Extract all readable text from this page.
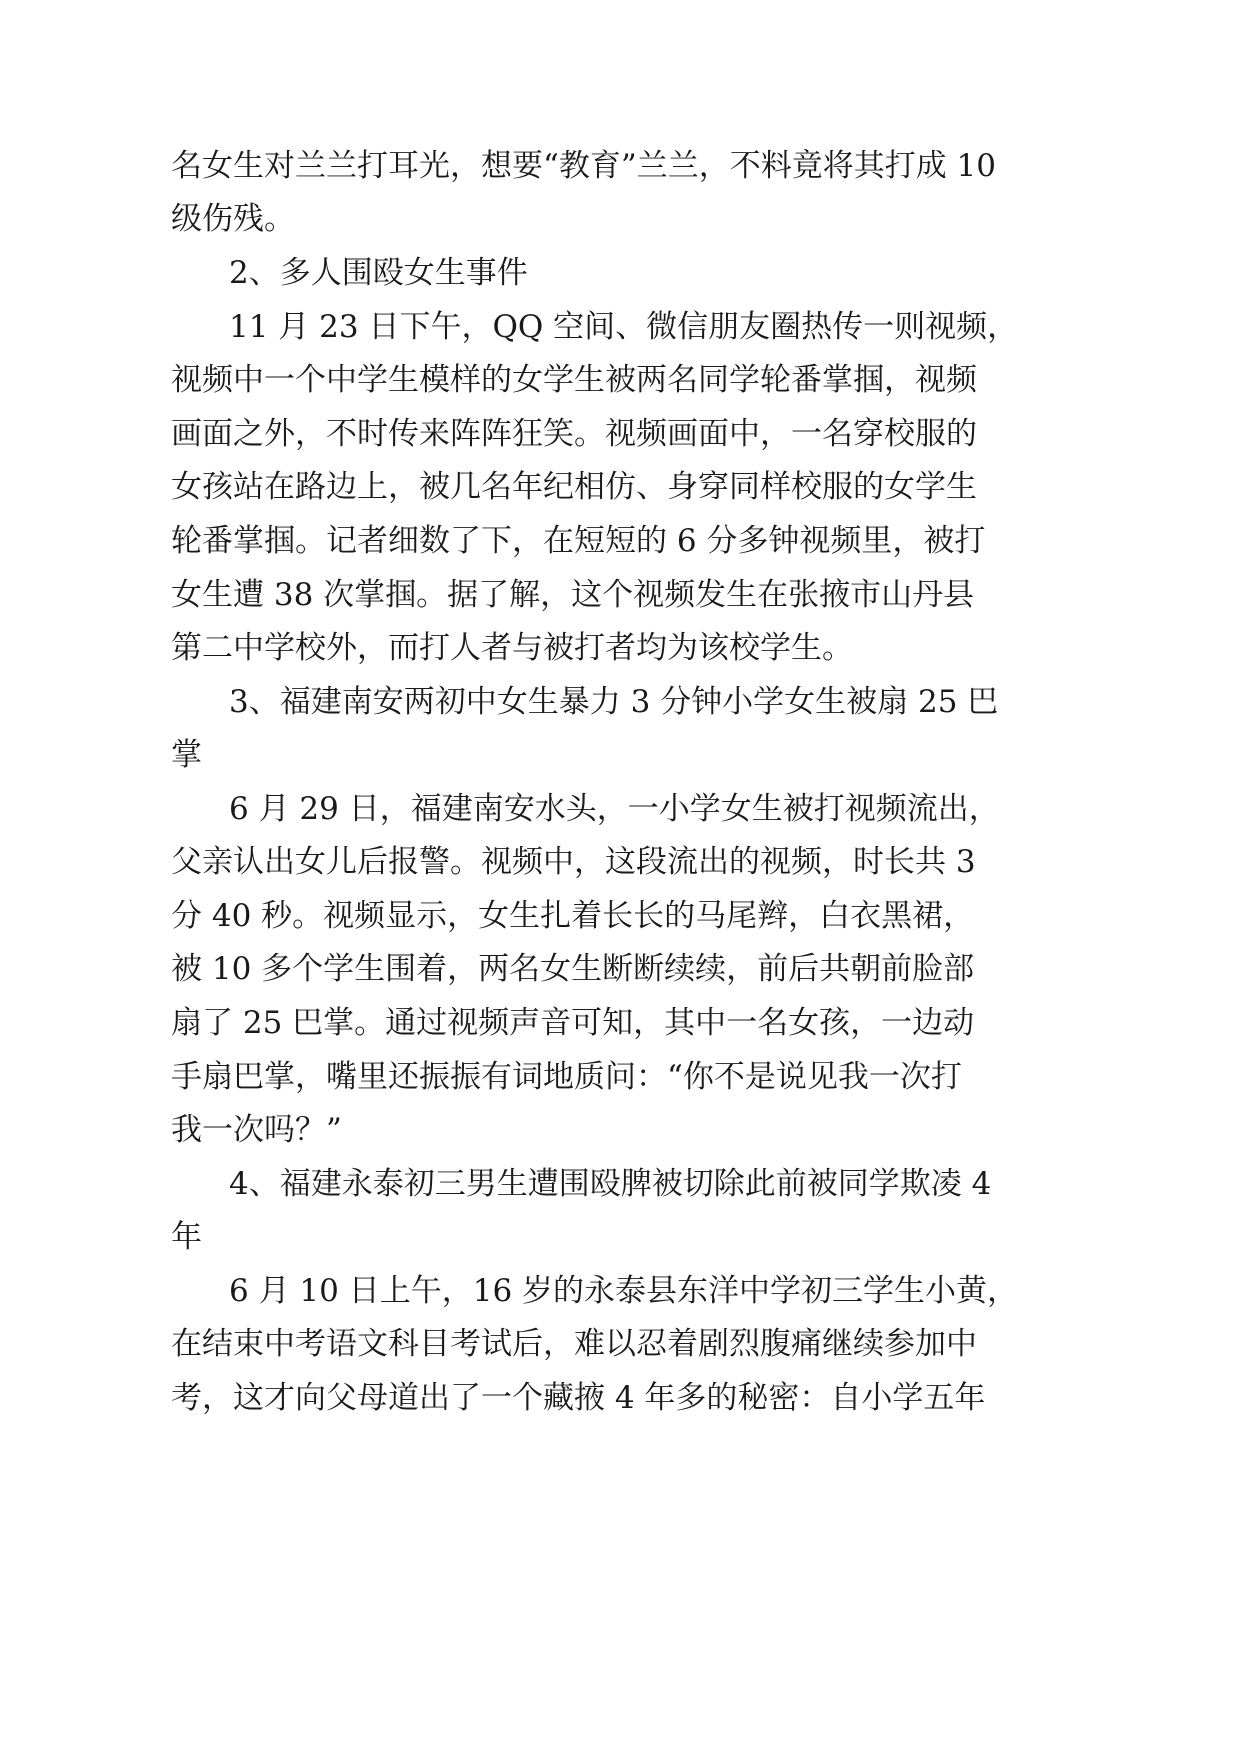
名女生对兰兰打耳光，想要“教育”兰兰，不料竟将其打成 10
级伤残。
2、多人围殴女生事件
11 月 23 日下午，QQ 空间、微信朋友圈热传一则视频，
视频中一个中学生模样的女学生被两名同学轮番掌掴，视频
画面之外，不时传来阵阵狂笑。视频画面中，一名穿校服的
女孩站在路边上，被几名年纪相仿、身穿同样校服的女学生
轮番掌掴。记者细数了下，在短短的 6 分多钟视频里，被打
女生遭 38 次掌掴。据了解，这个视频发生在张掖市山丹县
第二中学校外，而打人者与被打者均为该校学生。
3、福建南安两初中女生暴力 3 分钟小学女生被扇 25 巴
掌
6 月 29 日，福建南安水头，一小学女生被打视频流出，
父亲认出女儿后报警。视频中，这段流出的视频，时长共 3
分 40 秒。视频显示，女生扎着长长的马尾辫，白衣黑裙，
被 10 多个学生围着，两名女生断断续续，前后共朝前脸部
扇了 25 巴掌。通过视频声音可知，其中一名女孩，一边动
手扇巴掌，嘴里还振振有词地质问：“你不是说见我一次打
我一次吗？”
4、福建永泰初三男生遭围殴脾被切除此前被同学欺凌 4
年
6 月 10 日上午，16 岁的永泰县东洋中学初三学生小黄，
在结束中考语文科目考试后，难以忍着剧烈腹痛继续参加中
考，这才向父母道出了一个藏掖 4 年多的秘密：自小学五年
